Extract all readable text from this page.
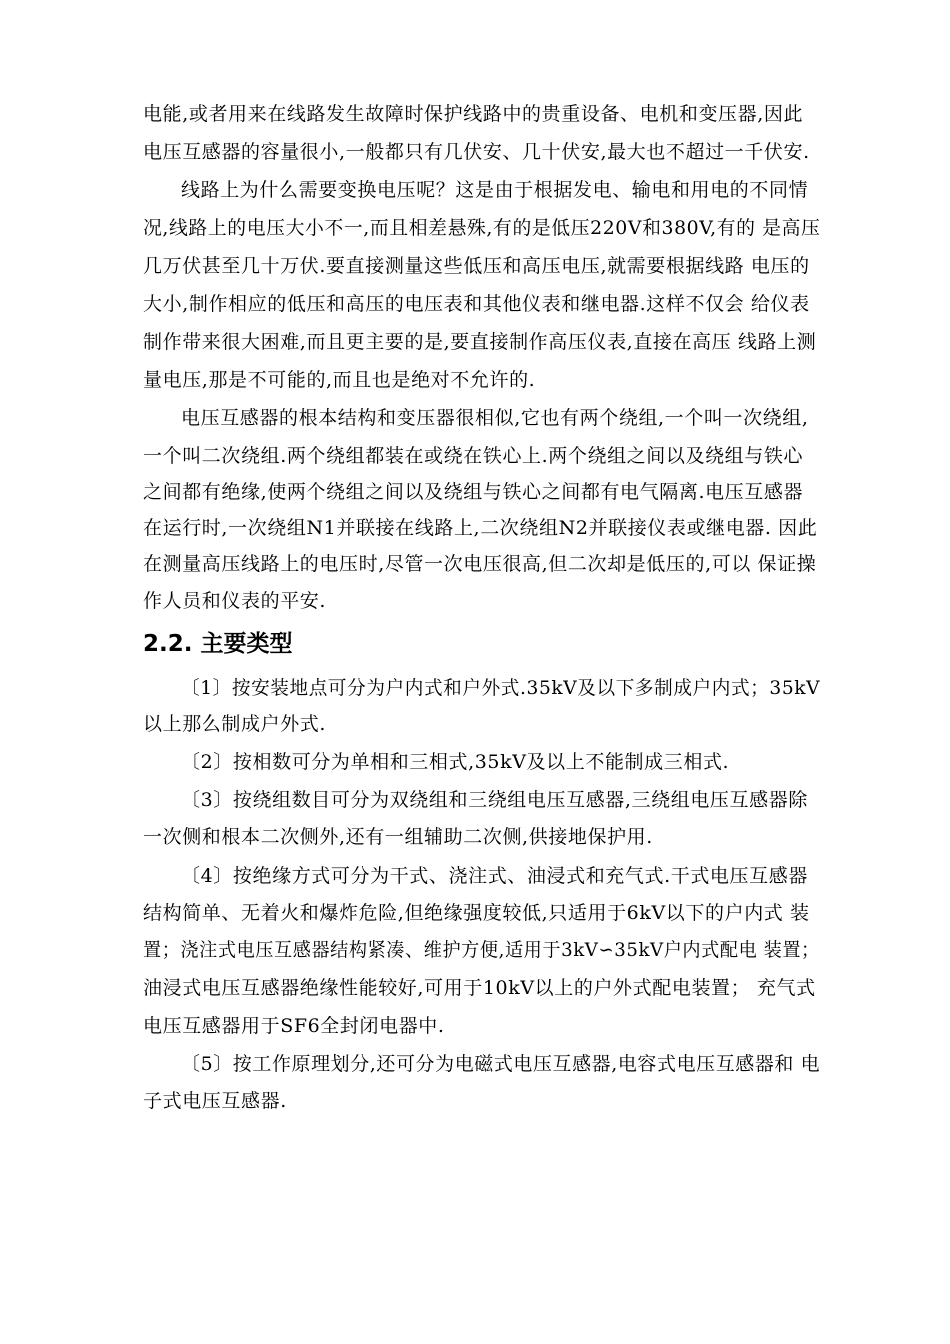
电能,或者用来在线路发生故障时保护线路中的贵重设备、电机和变压器,因此
电压互感器的容量很小,一般都只有几伏安、几十伏安,最大也不超过一千伏安.
线路上为什么需要变换电压呢？这是由于根据发电、输电和用电的不同情
况,线路上的电压大小不一,而且相差悬殊,有的是低压220V和380V,有的 是高压
几万伏甚至几十万伏.要直接测量这些低压和高压电压,就需要根据线路 电压的
大小,制作相应的低压和高压的电压表和其他仪表和继电器.这样不仅会 给仪表
制作带来很大困难,而且更主要的是,要直接制作高压仪表,直接在高压 线路上测
量电压,那是不可能的,而且也是绝对不允许的.
电压互感器的根本结构和变压器很相似,它也有两个绕组,一个叫一次绕组,
一个叫二次绕组.两个绕组都装在或绕在铁心上.两个绕组之间以及绕组与铁心
之间都有绝缘,使两个绕组之间以及绕组与铁心之间都有电气隔离.电压互感器
在运行时,一次绕组N1并联接在线路上,二次绕组N2并联接仪表或继电器. 因此
在测量高压线路上的电压时,尽管一次电压很高,但二次却是低压的,可以 保证操
作人员和仪表的平安.
2.2. 主要类型
〔1〕按安装地点可分为户内式和户外式.35kV及以下多制成户内式；35kV
以上那么制成户外式.
〔2〕按相数可分为单相和三相式,35kV及以上不能制成三相式.
〔3〕按绕组数目可分为双绕组和三绕组电压互感器,三绕组电压互感器除
一次侧和根本二次侧外,还有一组辅助二次侧,供接地保护用.
〔4〕按绝缘方式可分为干式、浇注式、油浸式和充气式.干式电压互感器
结构简单、无着火和爆炸危险,但绝缘强度较低,只适用于6kV以下的户内式 装
置；浇注式电压互感器结构紧凑、维护方便,适用于3kV∽35kV户内式配电 装置；
油浸式电压互感器绝缘性能较好,可用于10kV以上的户外式配电装置； 充气式
电压互感器用于SF6全封闭电器中.
〔5〕按工作原理划分,还可分为电磁式电压互感器,电容式电压互感器和 电
子式电压互感器.
